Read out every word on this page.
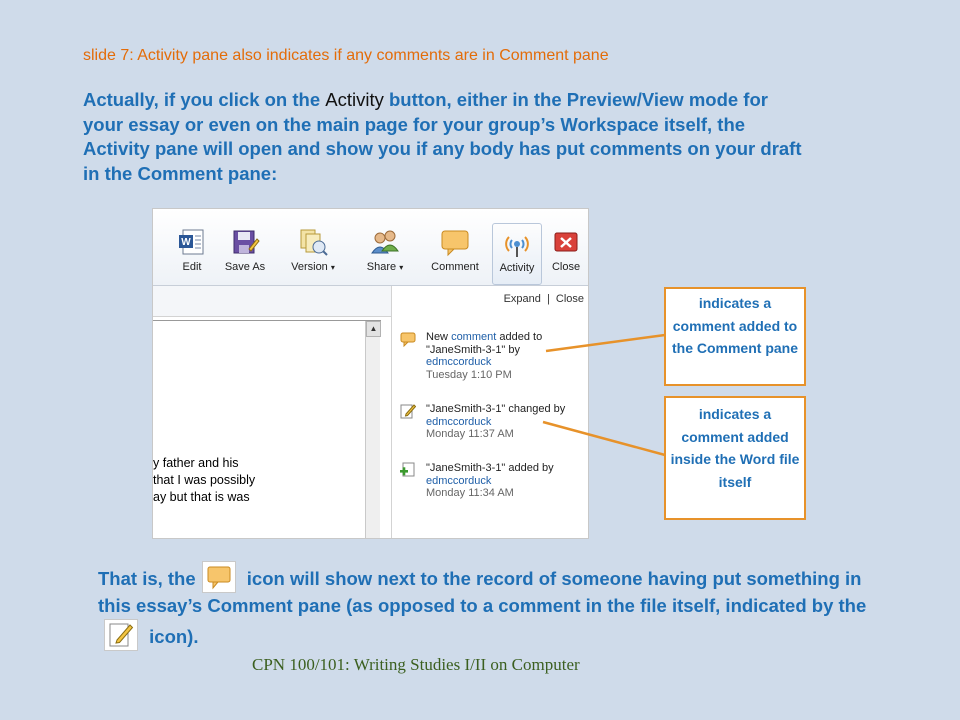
slide 7: Activity pane also indicates if any comments are in Comment pane
Actually, if you click on the Activity button, either in the Preview/View mode for your essay or even on the main page for your group’s Workspace itself, the Activity pane will open and show you if any body has put comments on your draft in the Comment pane:
W
Edit	Save As	Version ▾	Share ▾	Comment	Activity	Close
▲
y father and his
that I was possibly
ay but that is was
Expand | Close
New comment added to "JaneSmith-3-1" by
edmccorduck
Tuesday 1:10 PM
"JaneSmith-3-1" changed by edmccorduck
Monday 11:37 AM
"JaneSmith-3-1" added by
edmccorduck
Monday 11:34 AM
indicates a comment added to the Comment pane
indicates a comment added inside the Word file itself
That is, the
icon will show next to the record of someone having put something in this essay’s Comment pane (as opposed to a comment in the file itself, indicated by the
icon).
CPN 100/101: Writing Studies I/II on Computer
